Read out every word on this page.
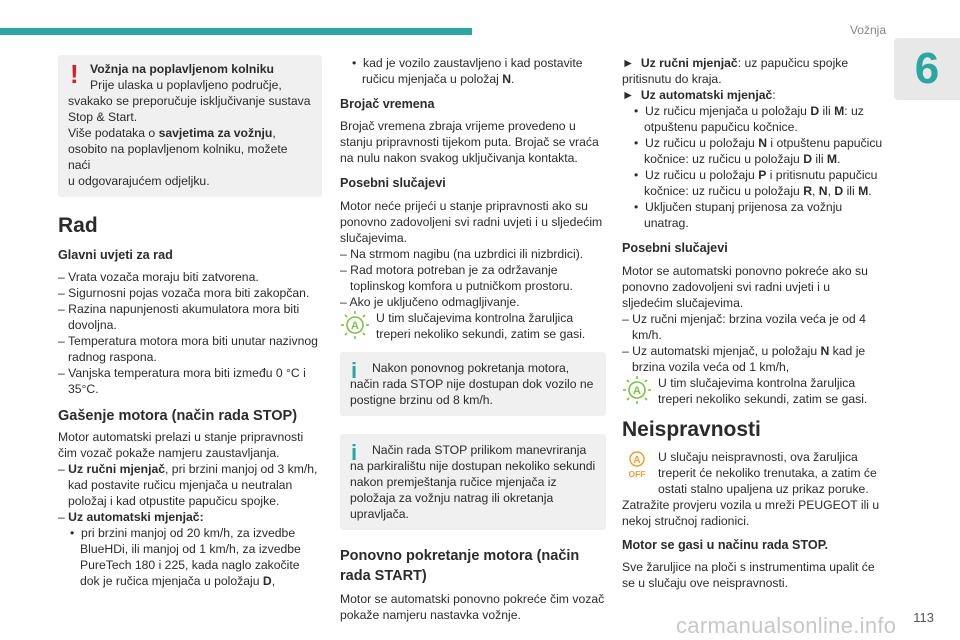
Vožnja
6
! Vožnja na poplavljenom kolniku

Prije ulaska u poplavljeno područje,

svakako se preporučuje isključivanje sustava

Stop & Start.

Više podataka o savjetima za vožnju,

osobito na poplavljenom kolniku, možete naći

u odgovarajućem odjeljku.

Rad
Glavni uvjeti za rad

– Vrata vozača moraju biti zatvorena.

– Sigurnosni pojas vozača mora biti zakopčan.

– Razina napunjenosti akumulatora mora biti dovoljna.

– Temperatura motora mora biti unutar nazivnog radnog raspona.

– Vanjska temperatura mora biti između 0 °C i 35°C.

Gašenje motora (način rada STOP)

Motor automatski prelazi u stanje pripravnosti čim vozač pokaže namjeru zaustavljanja.

– Uz ručni mjenjač, pri brzini manjoj od 3 km/h, kad postavite ručicu mjenjača u neutralan položaj i kad otpustite papučicu spojke.

– Uz automatski mjenjač:

•  pri brzini manjoj od 20 km/h, za izvedbe BlueHDi, ili manjoj od 1 km/h, za izvedbe PureTech 180 i 225, kada naglo zakočite dok je ručica mjenjača u položaju D,

•  kad je vozilo zaustavljeno i kad postavite ručicu mjenjača u položaj N.

Brojač vremena

Brojač vremena zbraja vrijeme provedeno u stanju pripravnosti tijekom puta. Brojač se vraća na nulu nakon svakog uključivanja kontakta.

Posebni slučajevi

Motor neće prijeći u stanje pripravnosti ako su ponovno zadovoljeni svi radni uvjeti i u sljedećim slučajevima.

– Na strmom nagibu (na uzbrdici ili nizbrdici).

– Rad motora potreban je za održavanje toplinskog komfora u putničkom prostoru.

– Ako je uključeno odmagljivanje.

A

U tim slučajevima kontrolna žaruljica treperi nekoliko sekundi, zatim se gasi.

i	Nakon ponovnog pokretanja motora, način rada STOP nije dostupan dok vozilo ne postigne brzinu od 8 km/h.

i	Način rada STOP prilikom manevriranja na parkiralištu nije dostupan nekoliko sekundi nakon premještanja ručice mjenjača iz položaja za vožnju natrag ili okretanja upravljača.

Ponovno pokretanje motora (način rada START)

Motor se automatski ponovno pokreće čim vozač pokaže namjeru nastavka vožnje.

► Uz ručni mjenjač: uz papučicu spojke pritisnutu do kraja.

► Uz automatski mjenjač:

•  Uz ručicu mjenjača u položaju D ili M: uz otpuštenu papučicu kočnice.

•  Uz ručicu u položaju N i otpuštenu papučicu kočnice: uz ručicu u položaju D ili M.

•  Uz ručicu u položaju P i pritisnutu papučicu kočnice: uz ručicu u položaju R, N, D ili M.

•  Uključen stupanj prijenosa za vožnju unatrag.

Posebni slučajevi

Motor se automatski ponovno pokreće ako su ponovno zadovoljeni svi radni uvjeti i u sljedećim slučajevima.

– Uz ručni mjenjač: brzina vozila veća je od 4 km/h.

– Uz automatski mjenjač, u položaju N kad je brzina vozila veća od 1 km/h,

A

U tim slučajevima kontrolna žaruljica treperi nekoliko sekundi, zatim se gasi.

Neispravnosti
A
OFF

U slučaju neispravnosti, ova žaruljica treperit će nekoliko trenutaka, a zatim će ostati stalno upaljena uz prikaz poruke.

Zatražite provjeru vozila u mreži PEUGEOT ili u nekoj stručnoj radionici.

Motor se gasi u načinu rada STOP.

Sve žaruljice na ploči s instrumentima upalit će se u slučaju ove neispravnosti.

113
carmanualsonline.info
